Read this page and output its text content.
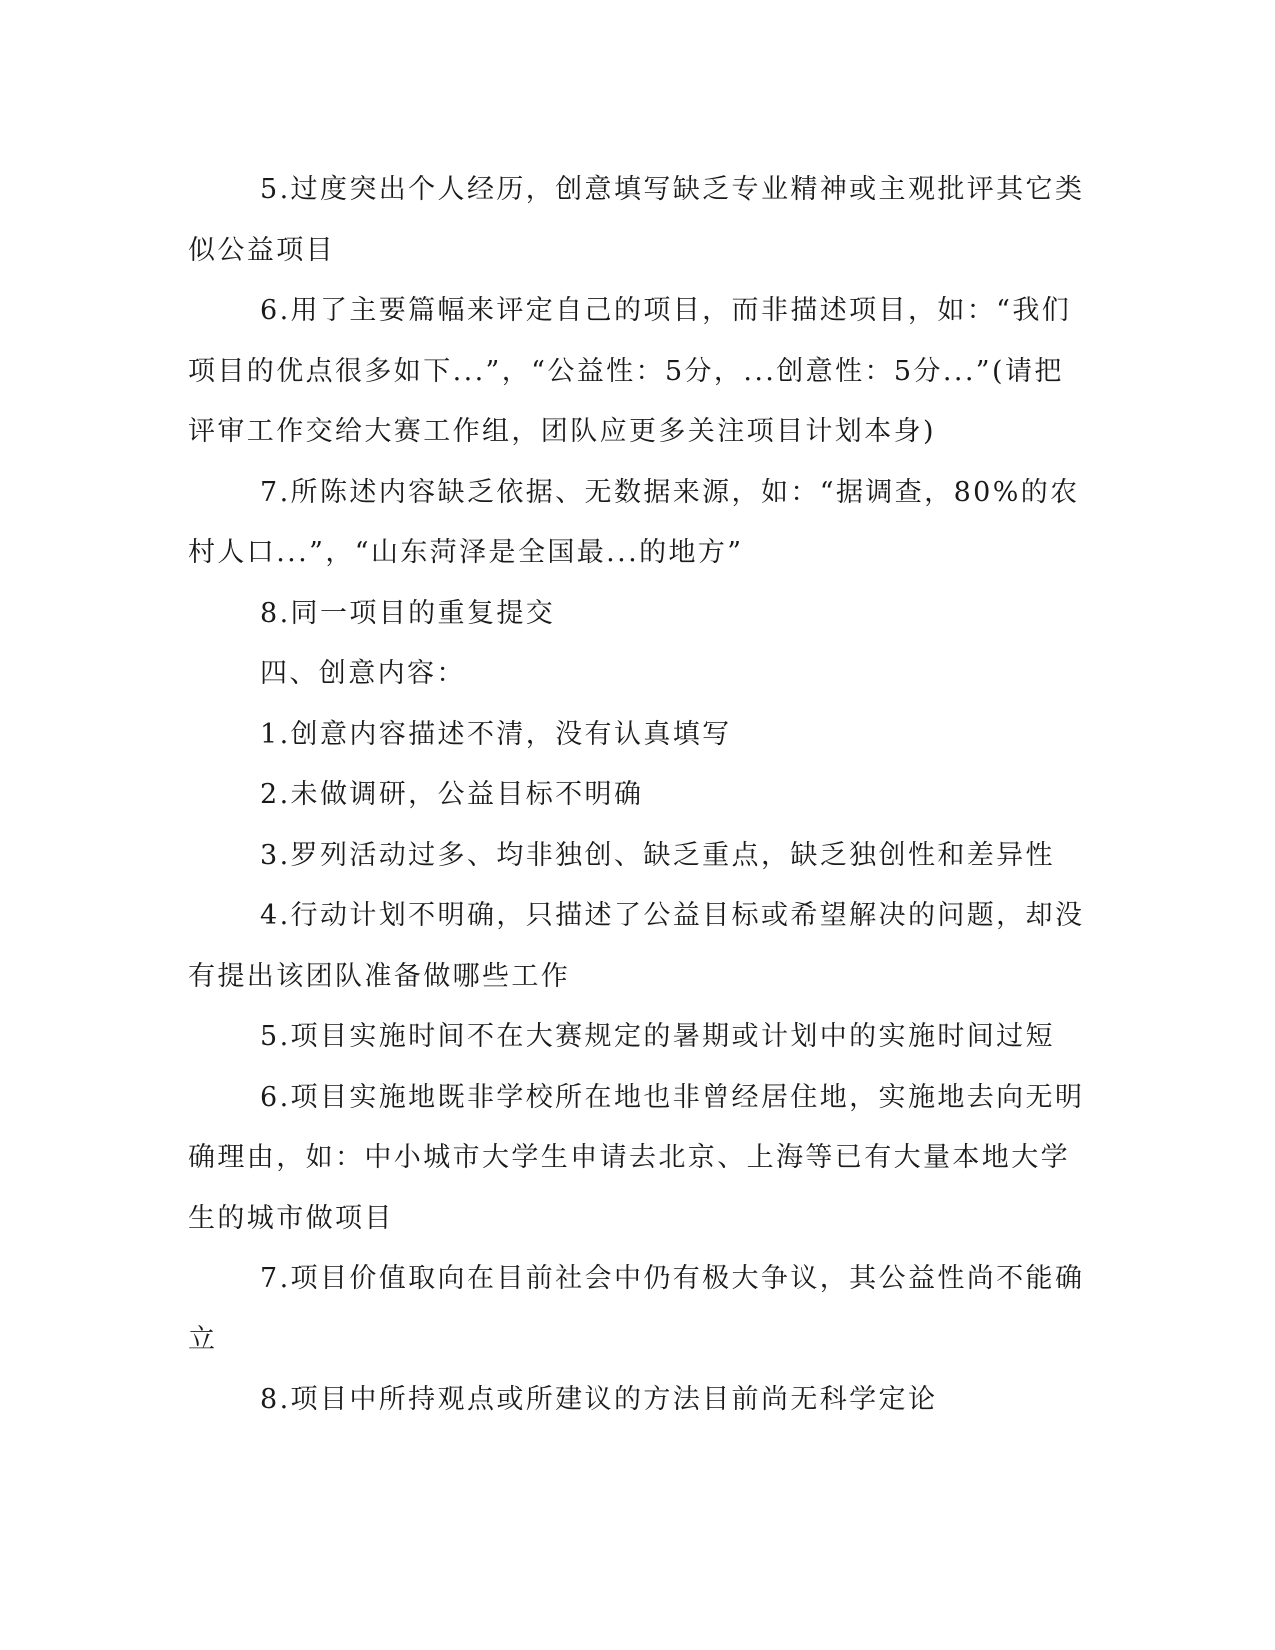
5.过度突出个人经历，创意填写缺乏专业精神或主观批评其它类似公益项目

6.用了主要篇幅来评定自己的项目，而非描述项目，如：“我们项目的优点很多如下...”，“公益性：5分，...创意性：5分...”(请把评审工作交给大赛工作组，团队应更多关注项目计划本身)

7.所陈述内容缺乏依据、无数据来源，如：“据调查，80%的农村人口...”，“山东菏泽是全国最...的地方”

8.同一项目的重复提交

四、创意内容：

1.创意内容描述不清，没有认真填写

2.未做调研，公益目标不明确

3.罗列活动过多、均非独创、缺乏重点，缺乏独创性和差异性

4.行动计划不明确，只描述了公益目标或希望解决的问题，却没有提出该团队准备做哪些工作

5.项目实施时间不在大赛规定的暑期或计划中的实施时间过短

6.项目实施地既非学校所在地也非曾经居住地，实施地去向无明确理由，如：中小城市大学生申请去北京、上海等已有大量本地大学生的城市做项目

7.项目价值取向在目前社会中仍有极大争议，其公益性尚不能确立

8.项目中所持观点或所建议的方法目前尚无科学定论
